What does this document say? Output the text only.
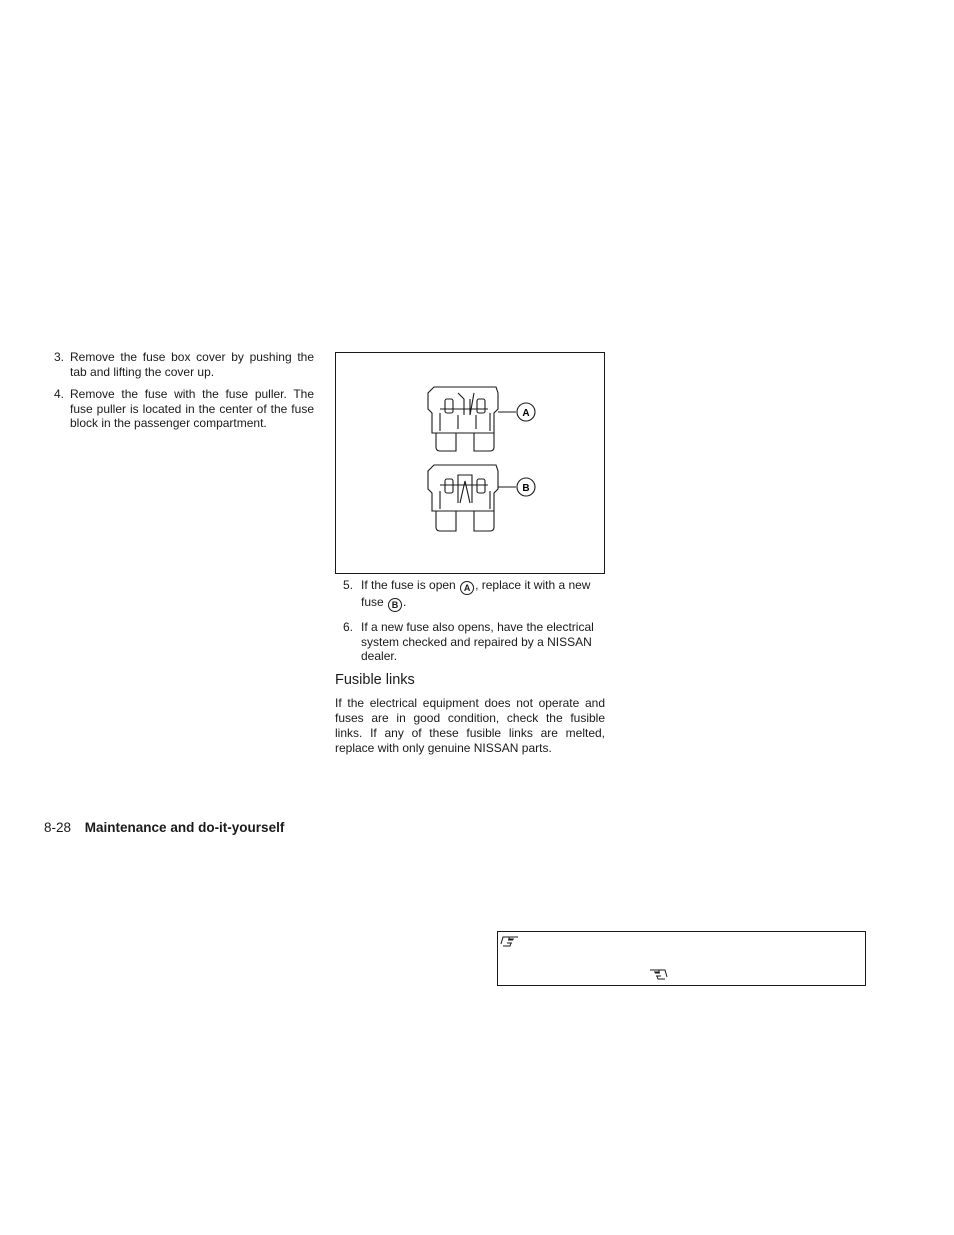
3. Remove the fuse box cover by pushing the tab and lifting the cover up.
4. Remove the fuse with the fuse puller. The fuse puller is located in the center of the fuse block in the passenger compartment.
A
B
5. If the fuse is open A , replace it with a new fuse B .
6. If a new fuse also opens, have the electrical system checked and repaired by a NISSAN dealer.
Fusible links

If the electrical equipment does not operate and fuses are in good condition, check the fusible links. If any of these fusible links are melted, replace with only genuine NISSAN parts.

8-28 Maintenance and do-it-yourself
